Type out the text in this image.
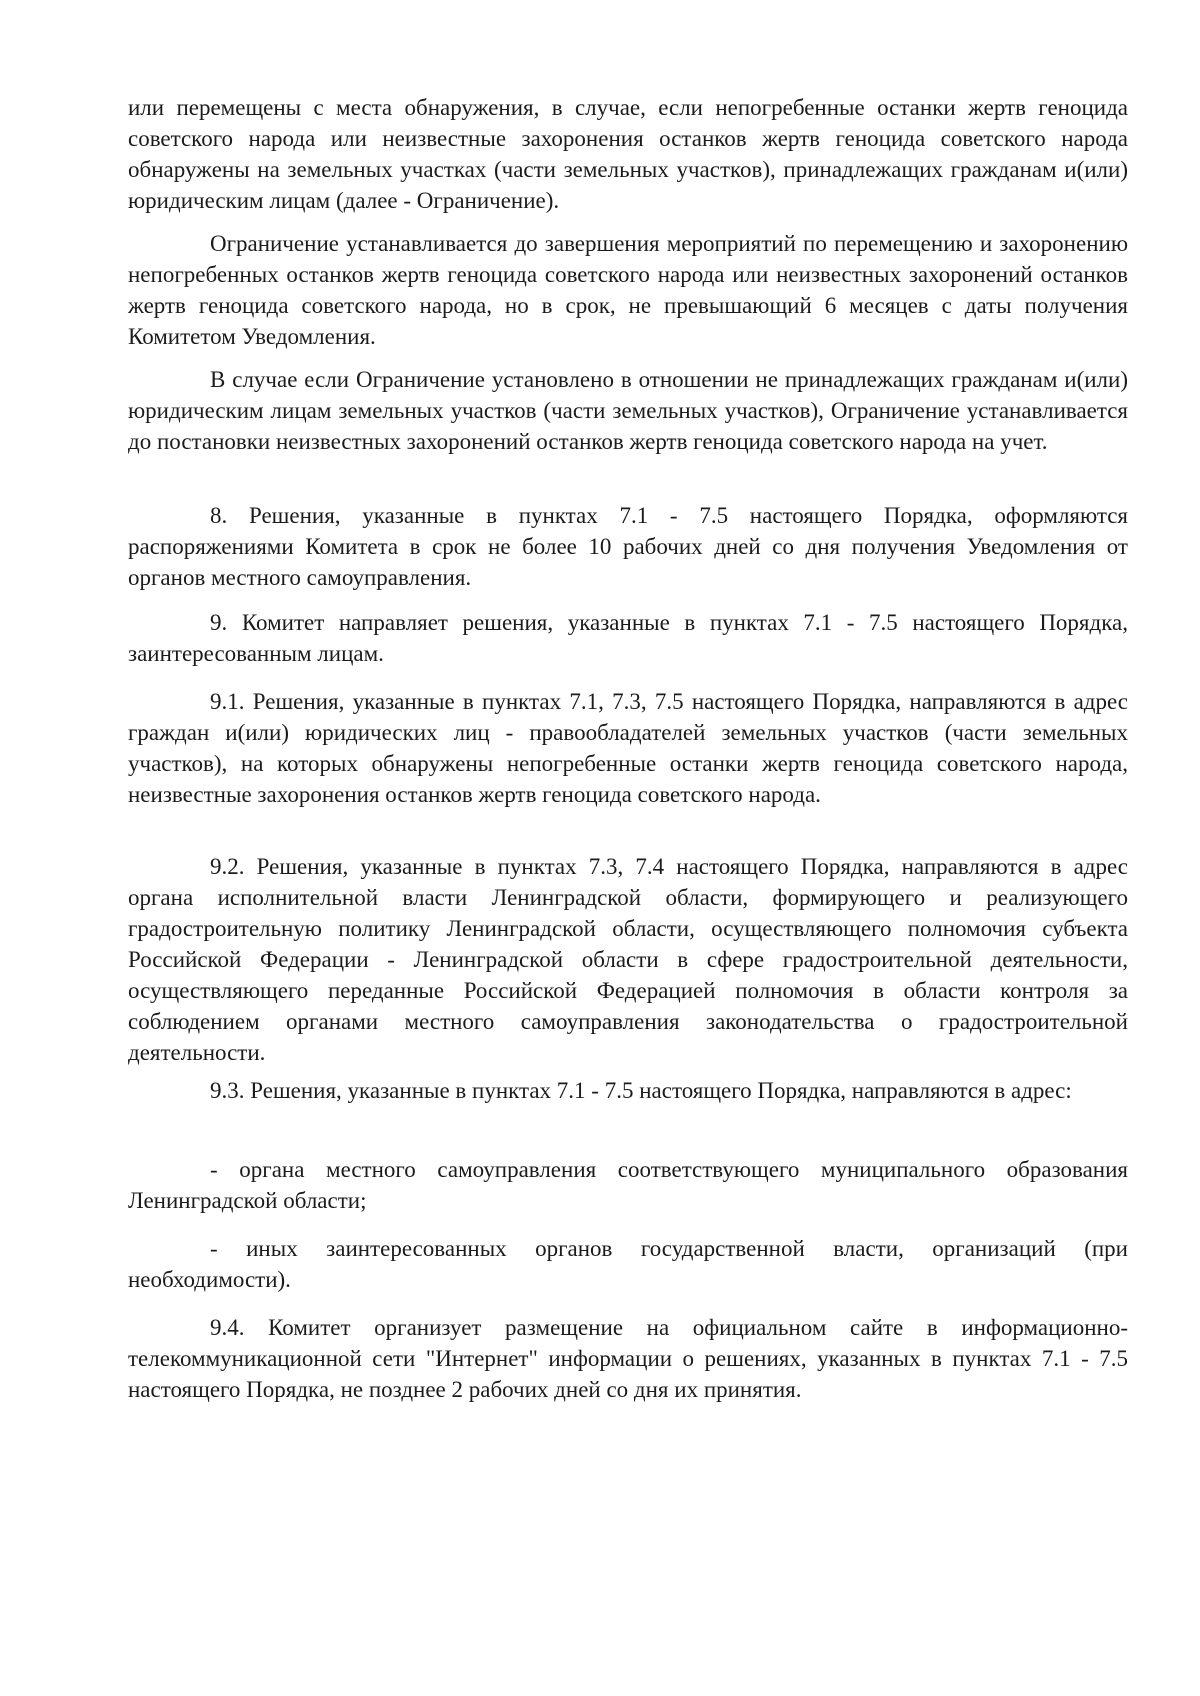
или перемещены с места обнаружения, в случае, если непогребенные останки жертв геноцида советского народа или неизвестные захоронения останков жертв геноцида советского народа обнаружены на земельных участках (части земельных участков), принадлежащих гражданам и(или) юридическим лицам (далее - Ограничение).

Ограничение устанавливается до завершения мероприятий по перемещению и захоронению непогребенных останков жертв геноцида советского народа или неизвестных захоронений останков жертв геноцида советского народа, но в срок, не превышающий 6 месяцев с даты получения Комитетом Уведомления.

В случае если Ограничение установлено в отношении не принадлежащих гражданам и(или) юридическим лицам земельных участков (части земельных участков), Ограничение устанавливается до постановки неизвестных захоронений останков жертв геноцида советского народа на учет.

8. Решения, указанные в пунктах 7.1 - 7.5 настоящего Порядка, оформляются распоряжениями Комитета в срок не более 10 рабочих дней со дня получения Уведомления от органов местного самоуправления.

9. Комитет направляет решения, указанные в пунктах 7.1 - 7.5 настоящего Порядка, заинтересованным лицам.

9.1. Решения, указанные в пунктах 7.1, 7.3, 7.5 настоящего Порядка, направляются в адрес граждан и(или) юридических лиц - правообладателей земельных участков (части земельных участков), на которых обнаружены непогребенные останки жертв геноцида советского народа, неизвестные захоронения останков жертв геноцида советского народа.

9.2. Решения, указанные в пунктах 7.3, 7.4 настоящего Порядка, направляются в адрес органа исполнительной власти Ленинградской области, формирующего и реализующего градостроительную политику Ленинградской области, осуществляющего полномочия субъекта Российской Федерации - Ленинградской области в сфере градостроительной деятельности, осуществляющего переданные Российской Федерацией полномочия в области контроля за соблюдением органами местного самоуправления законодательства о градостроительной деятельности.

9.3. Решения, указанные в пунктах 7.1 - 7.5 настоящего Порядка, направляются в адрес:

- органа местного самоуправления соответствующего муниципального образования Ленинградской области;

- иных заинтересованных органов государственной власти, организаций (при необходимости).

9.4. Комитет организует размещение на официальном сайте в информационно-телекоммуникационной сети "Интернет" информации о решениях, указанных в пунктах 7.1 - 7.5 настоящего Порядка, не позднее 2 рабочих дней со дня их принятия.
